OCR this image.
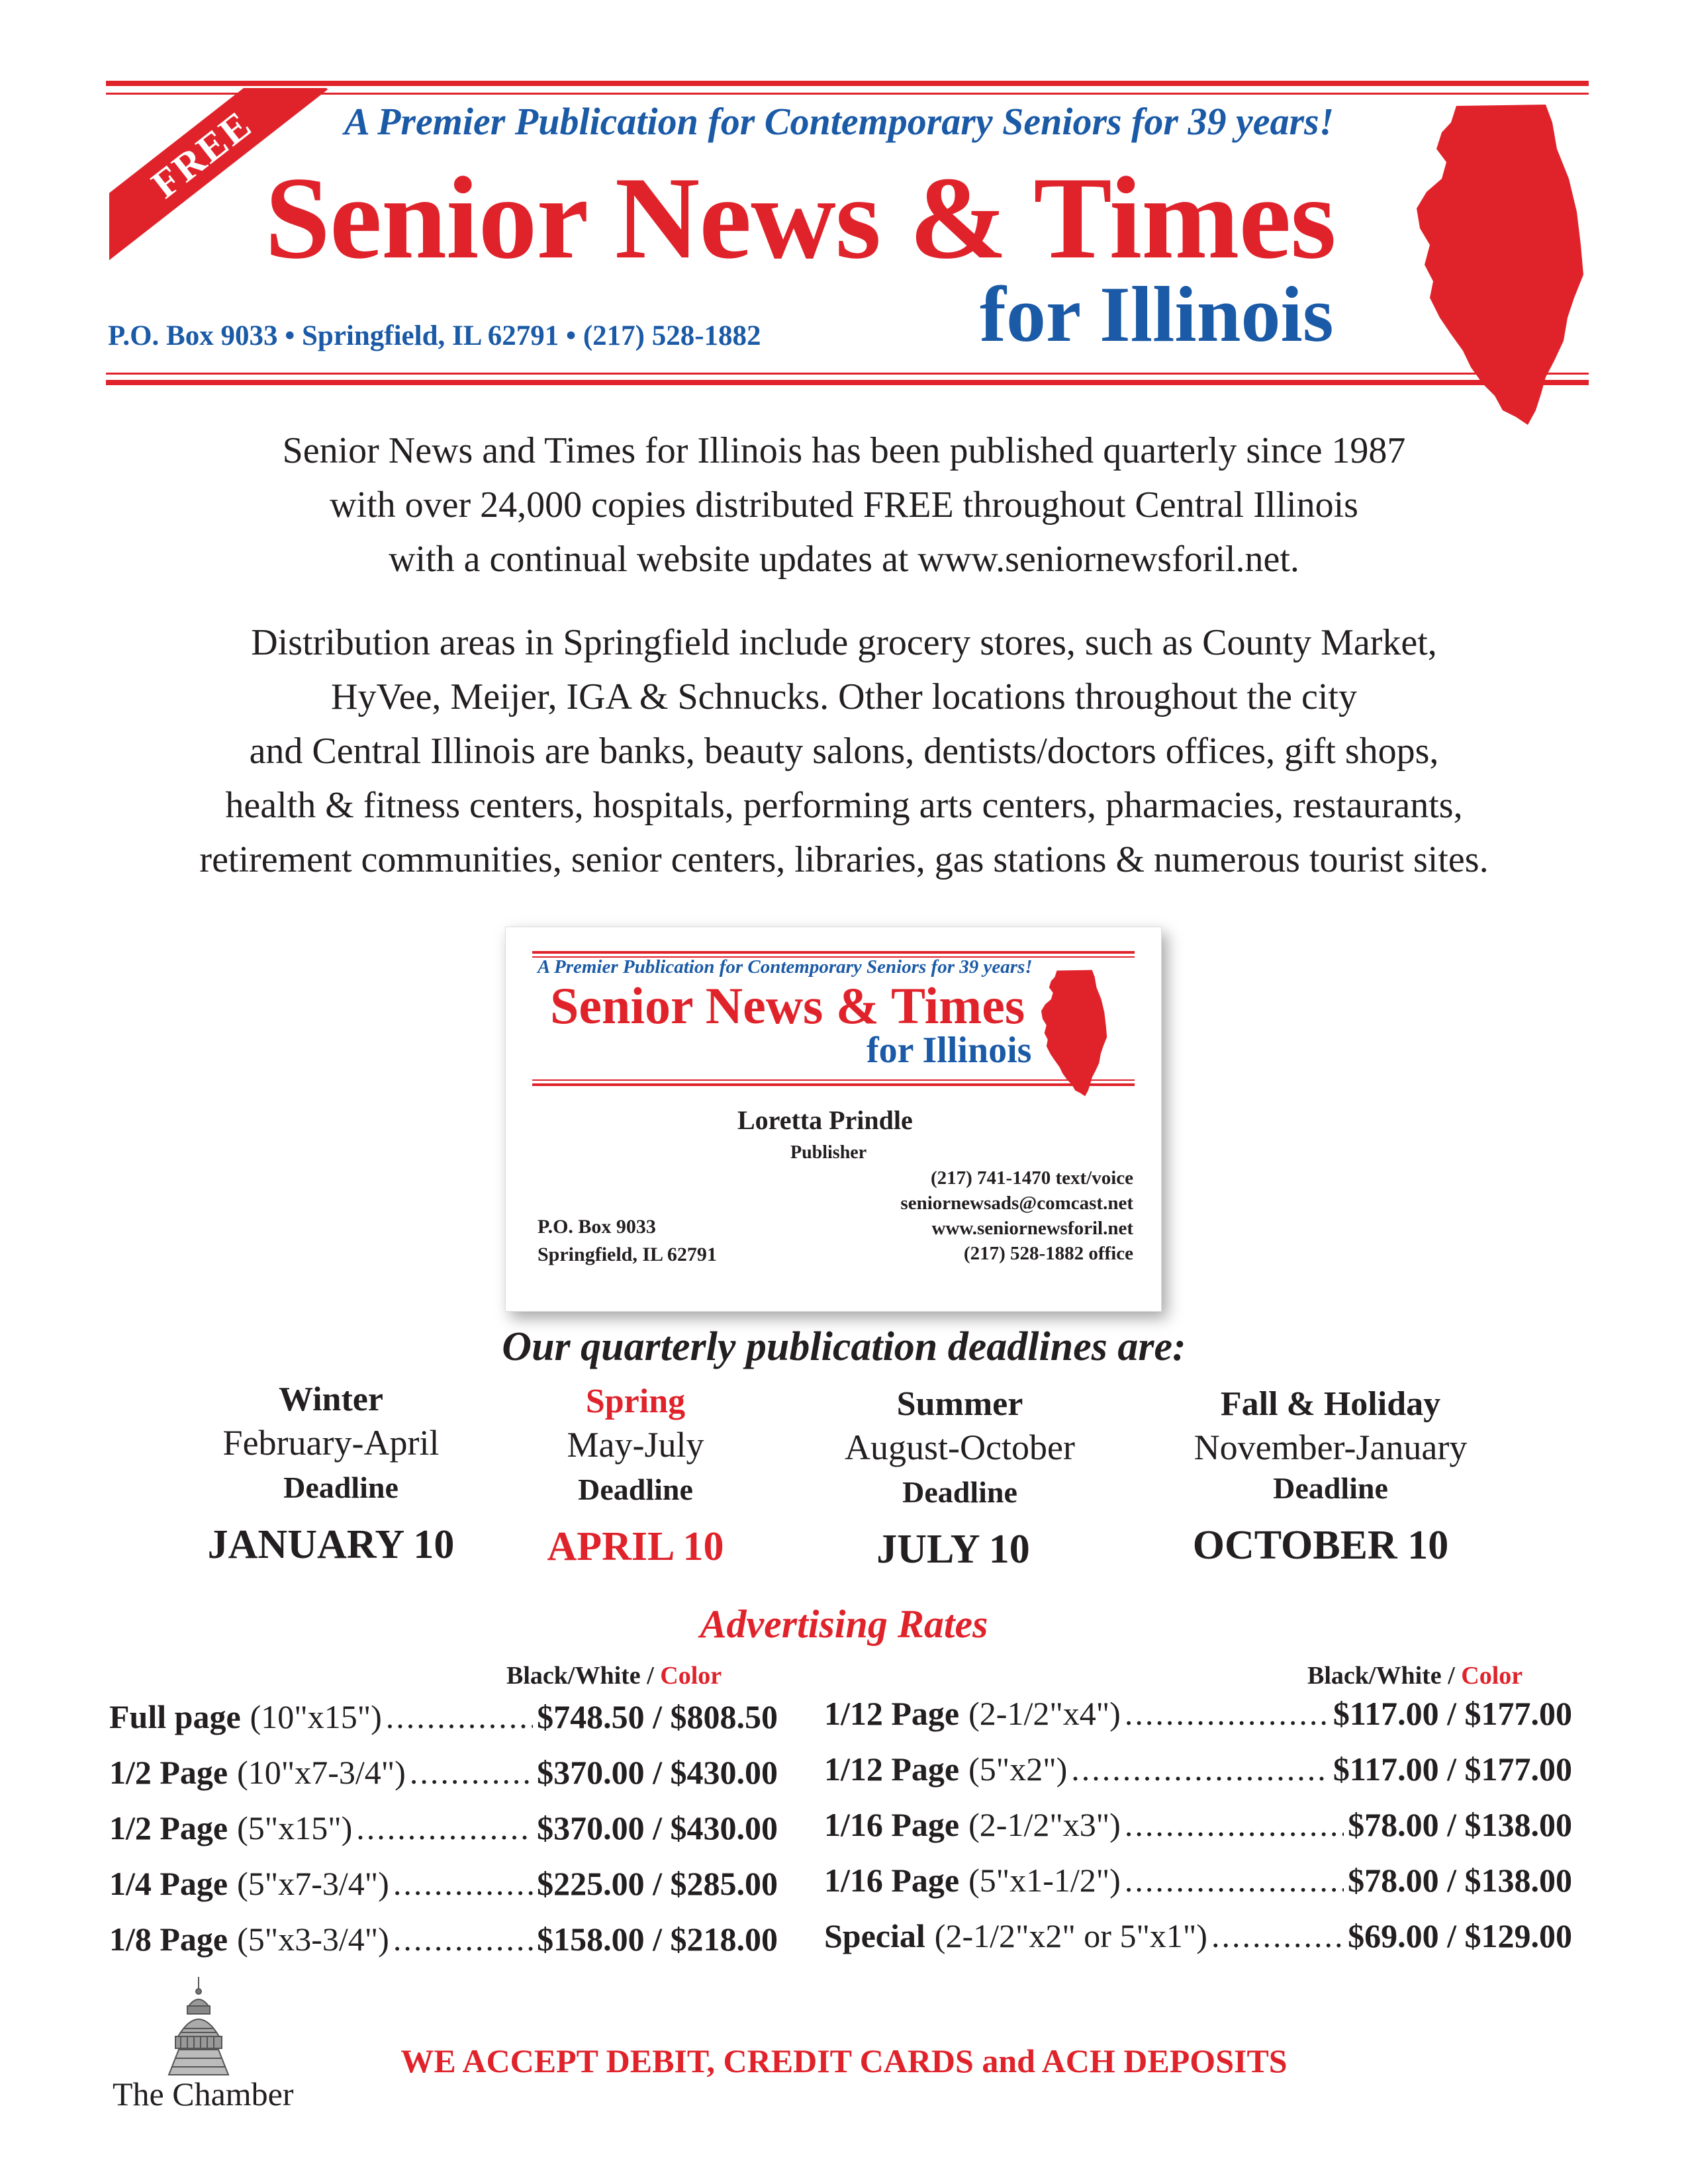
FREE	A Premier Publication for Contemporary Seniors for 39 years!
Senior News & Times
P.O. Box 9033 • Springfield, IL 62791 • (217) 528-1882	for Illinois
Senior News and Times for Illinois has been published quarterly since 1987
with over 24,000 copies distributed FREE throughout Central Illinois
with a continual website updates at www.seniornewsforil.net.
Distribution areas in Springfield include grocery stores, such as County Market,
HyVee, Meijer, IGA & Schnucks. Other locations throughout the city
and Central Illinois are banks, beauty salons, dentists/doctors offices, gift shops,
health & fitness centers, hospitals, performing arts centers, pharmacies, restaurants,
retirement communities, senior centers, libraries, gas stations & numerous tourist sites.
A Premier Publication for Contemporary Seniors for 39 years!
Senior News & Times
for Illinois
Loretta Prindle
Publisher
(217) 741-1470 text/voice
seniornewsads@comcast.net
www.seniornewsforil.net
(217) 528-1882 office
P.O. Box 9033
Springfield, IL 62791
Our quarterly publication deadlines are:
Winter
February-April
Deadline
JANUARY 10
Spring
May-July
Deadline
APRIL 10
Summer
August-October
Deadline
JULY 10
Fall & Holiday
November-January
Deadline
OCTOBER 10
Advertising Rates
Black/White / Color	Black/White / Color
Full page (10"x15") .....	$748.50 / $808.50
1/2 Page (10"x7-3/4") .....	$370.00 / $430.00
1/2 Page (5"x15") .....	$370.00 / $430.00
1/4 Page (5"x7-3/4") .....	$225.00 / $285.00
1/8 Page (5"x3-3/4") .....	$158.00 / $218.00
1/12 Page (2-1/2"x4") .....	$117.00 / $177.00
1/12 Page (5"x2") .....	$117.00 / $177.00
1/16 Page (2-1/2"x3") .....	$78.00 / $138.00
1/16 Page (5"x1-1/2") .....	$78.00 / $138.00
Special (2-1/2"x2" or 5"x1") .....	$69.00 / $129.00
The Chamber
WE ACCEPT DEBIT, CREDIT CARDS and ACH DEPOSITS
